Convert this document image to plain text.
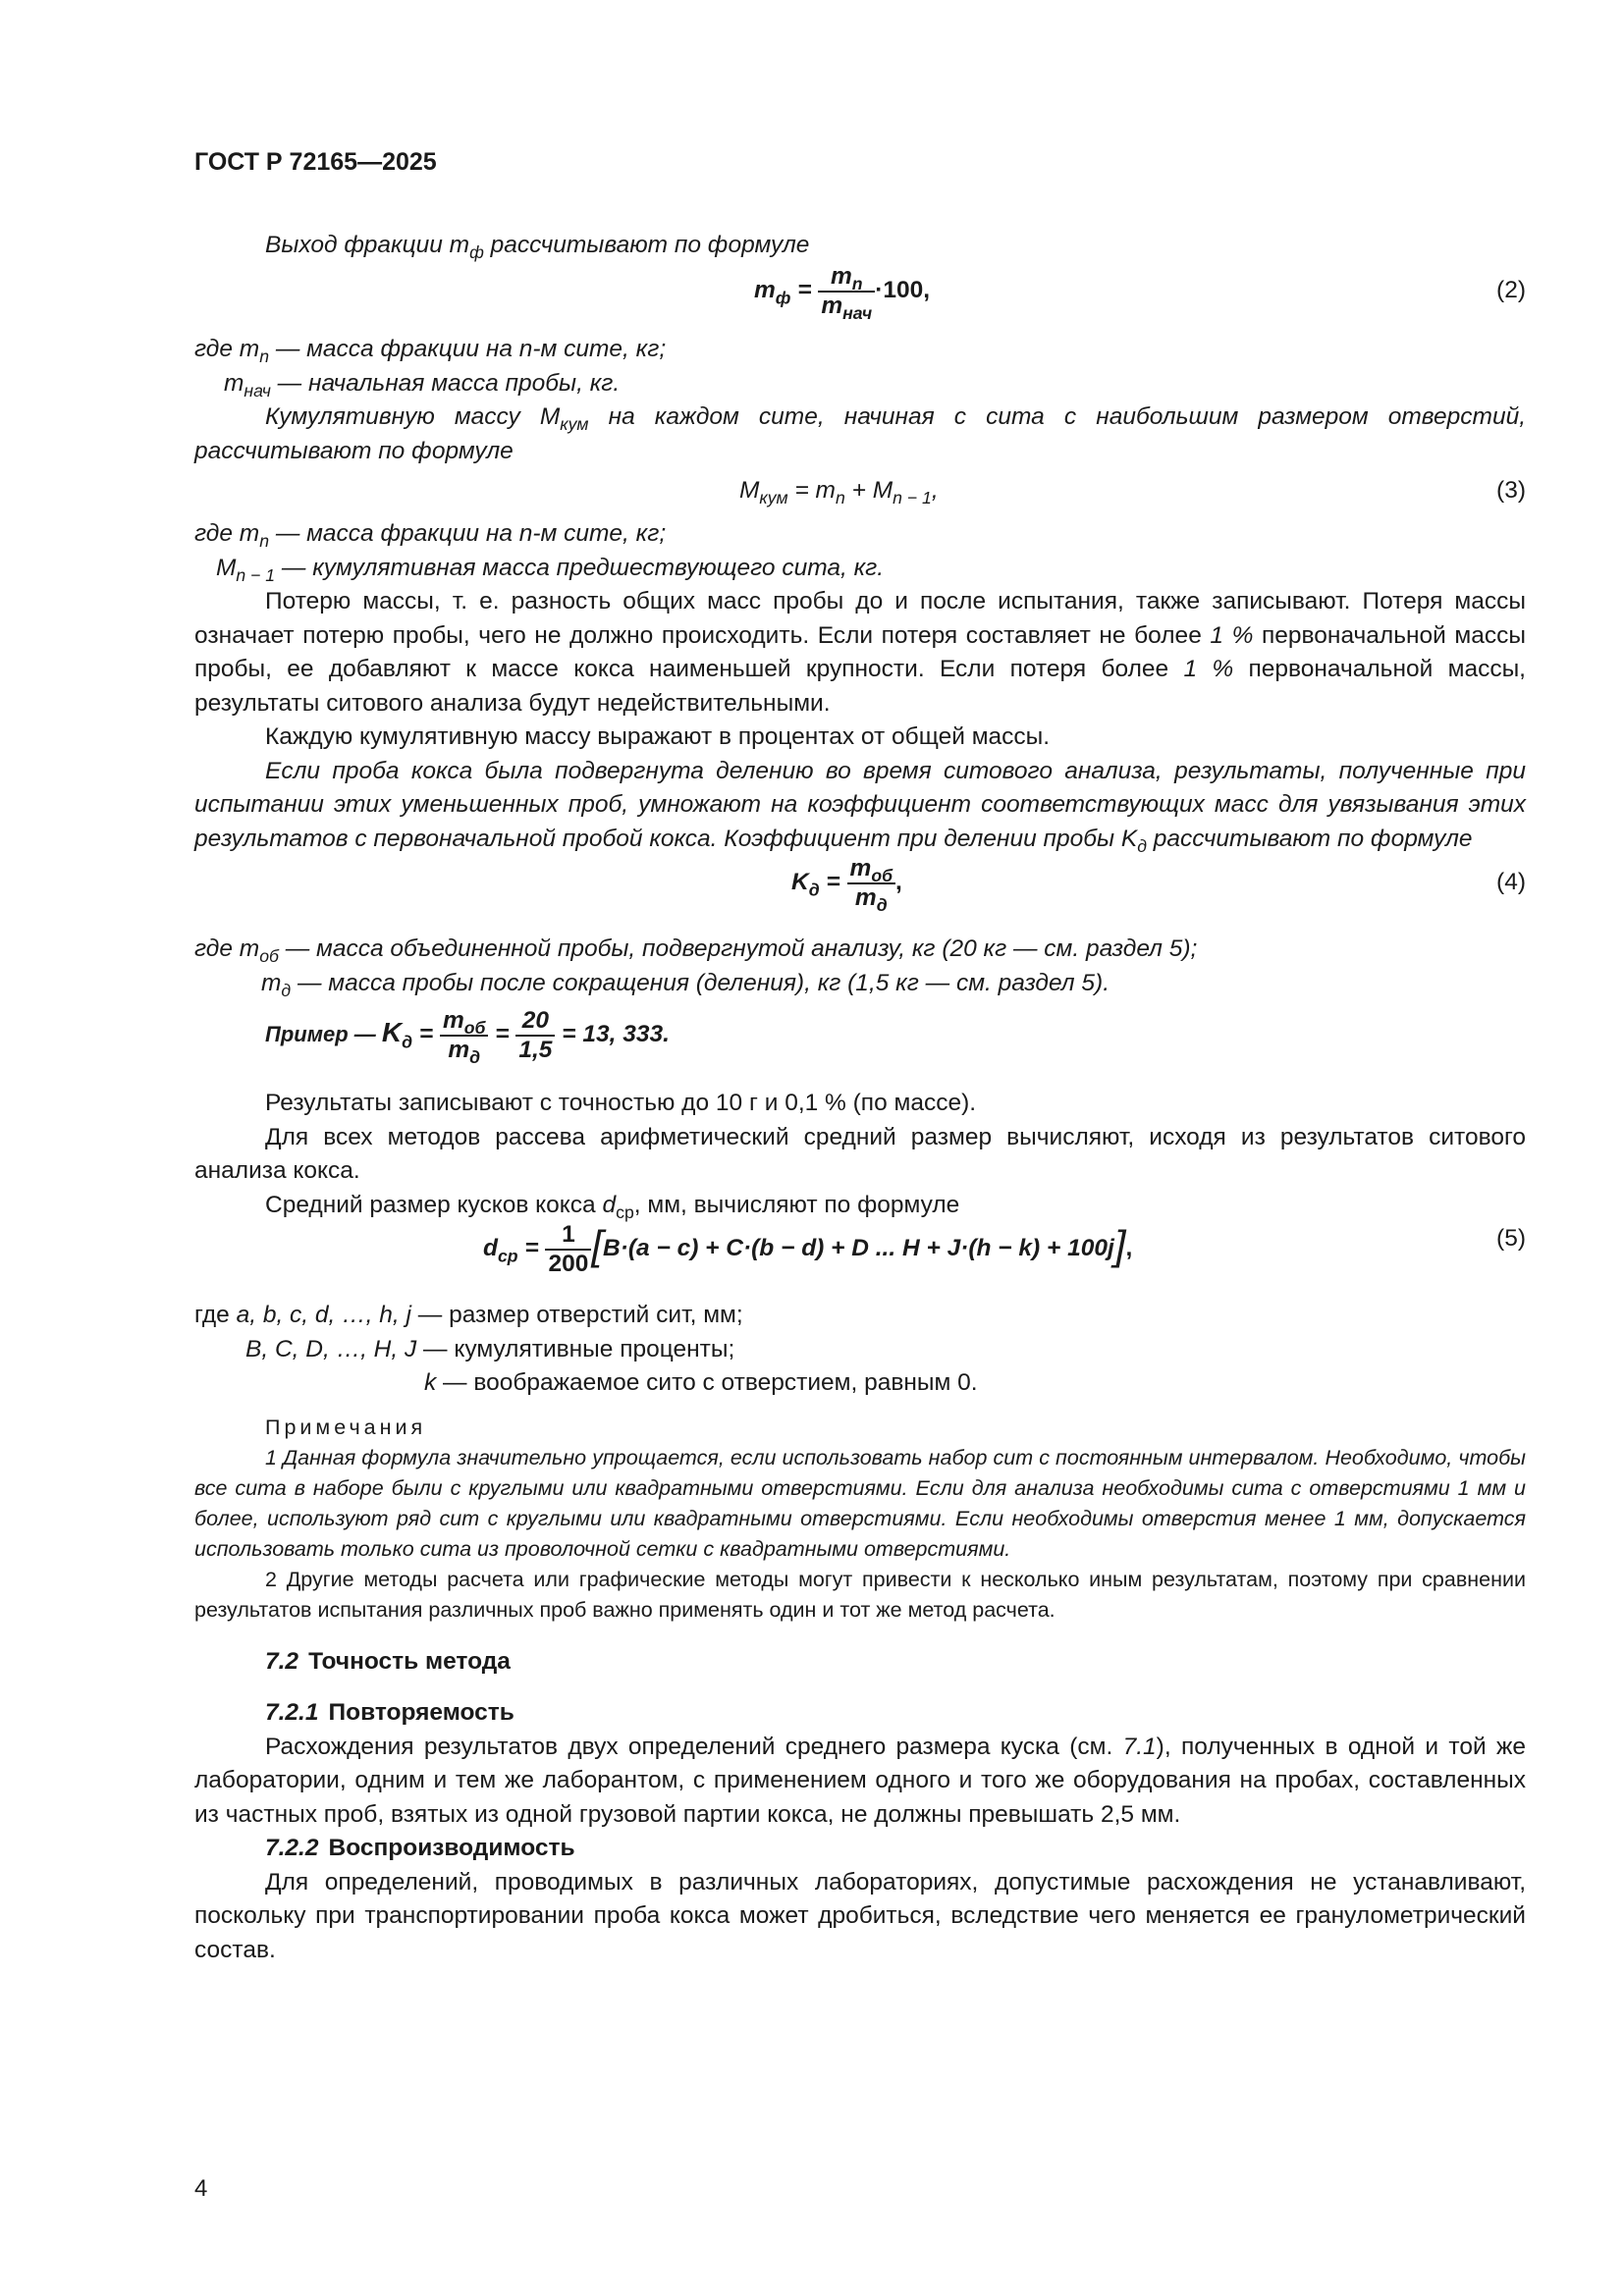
ГОСТ Р 72165—2025

Выход фракции $m_ф$ рассчитывают по формуле

$m_ф = \frac{m_n}{m_{нач}} \cdot 100$,	(2)

где $m_n$ — масса фракции на n-м сите, кг;

$m_{нач}$ — начальная масса пробы, кг.

Кумулятивную массу $M_{кум}$ на каждом сите, начиная с сита с наибольшим размером отверстий, рассчитывают по формуле

$M_{кум} = m_n + M_{n - 1}$,	(3)

где $m_n$ — масса фракции на n-м сите, кг;

$M_{n - 1}$ — кумулятивная масса предшествующего сита, кг.

Потерю массы, т. е. разность общих масс пробы до и после испытания, также записывают. Потеря массы означает потерю пробы, чего не должно происходить. Если потеря составляет не более 1 % первоначальной массы пробы, ее добавляют к массе кокса наименьшей крупности. Если потеря более 1 % первоначальной массы, результаты ситового анализа будут недействительными.

Каждую кумулятивную массу выражают в процентах от общей массы.

Если проба кокса была подвергнута делению во время ситового анализа, результаты, полученные при испытании этих уменьшенных проб, умножают на коэффициент соответствующих масс для увязывания этих результатов с первоначальной пробой кокса. Коэффициент при делении пробы $K_д$ рассчитывают по формуле

$K_д = \frac{m_{об}}{m_д}$ ,	(4)

где $m_{об}$ — масса объединенной пробы, подвергнутой анализу, кг (20 кг — см. раздел 5);

$m_д$ — масса пробы после сокращения (деления), кг (1,5 кг — см. раздел 5).

Пример — $K_д = \frac{m_{об}}{m_д} = \frac{20}{1,5} = 13$, 333.

Результаты записывают с точностью до 10 г и 0,1 % (по массе).

Для всех методов рассева арифметический средний размер вычисляют, исходя из результатов ситового анализа кокса.

Средний размер кусков кокса $d_{ср}$, мм, вычисляют по формуле

$d_{ср} = \frac{1}{200} [B\cdot(a - c) + C\cdot(b - d) + D$ ... H + J·(h − k) + 100j],	(5)

где a, b, c, d, …, h, j — размер отверстий сит, мм;

B, C, D, …, H, J — кумулятивные проценты;

k — воображаемое сито с отверстием, равным 0.

Примечания

1 Данная формула значительно упрощается, если использовать набор сит с постоянным интервалом. Необходимо, чтобы все сита в наборе были с круглыми или квадратными отверстиями. Если для анализа необходимы сита с отверстиями 1 мм и более, используют ряд сит с круглыми или квадратными отверстиями. Если необходимы отверстия менее 1 мм, допускается использовать только сита из проволочной сетки с квадратными отверстиями.

2 Другие методы расчета или графические методы могут привести к несколько иным результатам, поэтому при сравнении результатов испытания различных проб важно применять один и тот же метод расчета.

7.2 Точность метода

7.2.1 Повторяемость

Расхождения результатов двух определений среднего размера куска (см. 7.1), полученных в одной и той же лаборатории, одним и тем же лаборантом, с применением одного и того же оборудования на пробах, составленных из частных проб, взятых из одной грузовой партии кокса, не должны превышать 2,5 мм.

7.2.2 Воспроизводимость

Для определений, проводимых в различных лабораториях, допустимые расхождения не устанавливают, поскольку при транспортировании проба кокса может дробиться, вследствие чего меняется ее гранулометрический состав.

4
